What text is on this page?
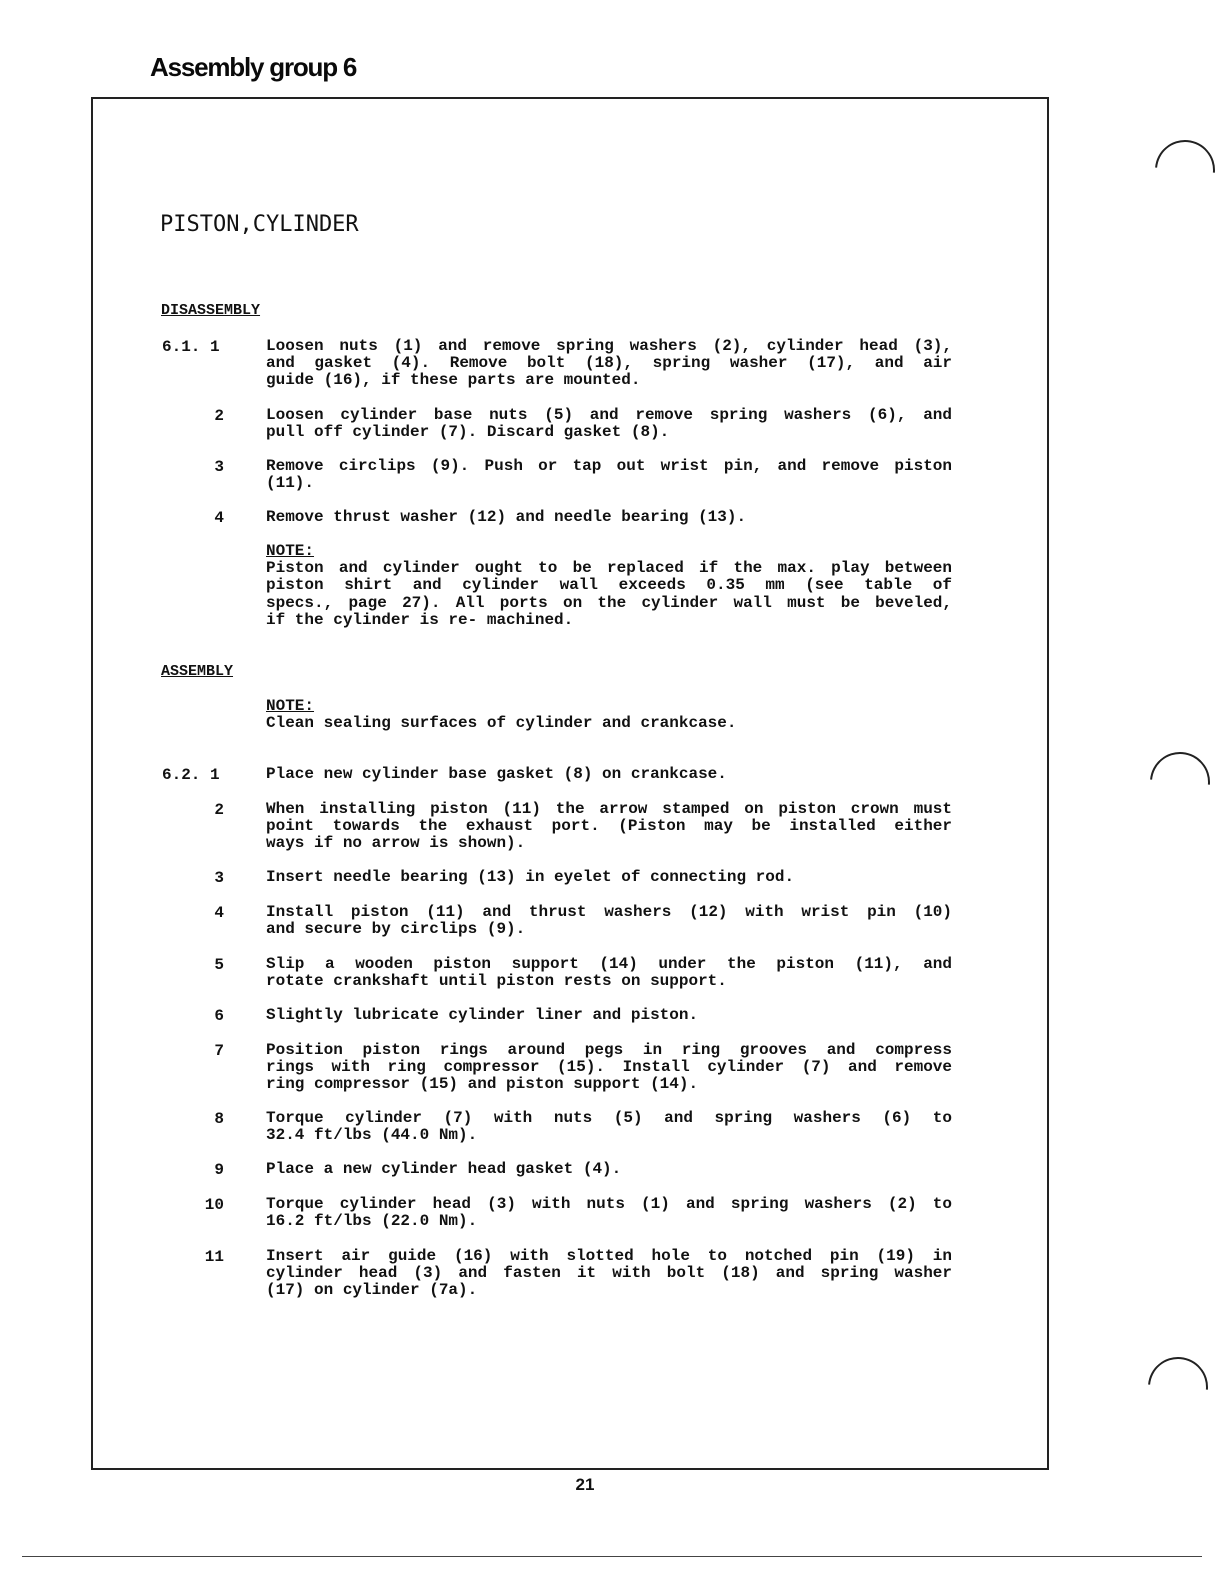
Assembly group 6
PISTON,CYLINDER
DISASSEMBLY
ASSEMBLY
6.1. 1	Loosen nuts (1) and remove spring washers (2), cylinder head (3),
and gasket (4). Remove bolt (18), spring washer (17), and air
guide (16), if these parts are mounted.
2	Loosen cylinder base nuts (5) and remove spring washers (6), and
pull off cylinder (7). Discard gasket (8).
3	Remove circlips (9). Push or tap out wrist pin, and remove piston
(11).
4	Remove thrust washer (12) and needle bearing (13).
NOTE:
Piston and cylinder ought to be replaced if the max. play between
piston shirt and cylinder wall exceeds 0.35 mm (see table of
specs., page 27). All ports on the cylinder wall must be beveled,
if the cylinder is re- machined.
NOTE:
Clean sealing surfaces of cylinder and crankcase.
6.2. 1	Place new cylinder base gasket (8) on crankcase.
2	When installing piston (11) the arrow stamped on piston crown must
point towards the exhaust port. (Piston may be installed either
ways if no arrow is shown).
3	Insert needle bearing (13) in eyelet of connecting rod.
4	Install piston (11) and thrust washers (12) with wrist pin (10)
and secure by circlips (9).
5	Slip a wooden piston support (14) under the piston (11), and
rotate crankshaft until piston rests on support.
6	Slightly lubricate cylinder liner and piston.
7	Position piston rings around pegs in ring grooves and compress
rings with ring compressor (15). Install cylinder (7) and remove
ring compressor (15) and piston support (14).
8	Torque cylinder (7) with nuts (5) and spring washers (6) to
32.4 ft/lbs (44.0 Nm).
9	Place a new cylinder head gasket (4).
10	Torque cylinder head (3) with nuts (1) and spring washers (2) to
16.2 ft/lbs (22.0 Nm).
11	Insert air guide (16) with slotted hole to notched pin (19) in
cylinder head (3) and fasten it with bolt (18) and spring washer
(17) on cylinder (7a).
21
